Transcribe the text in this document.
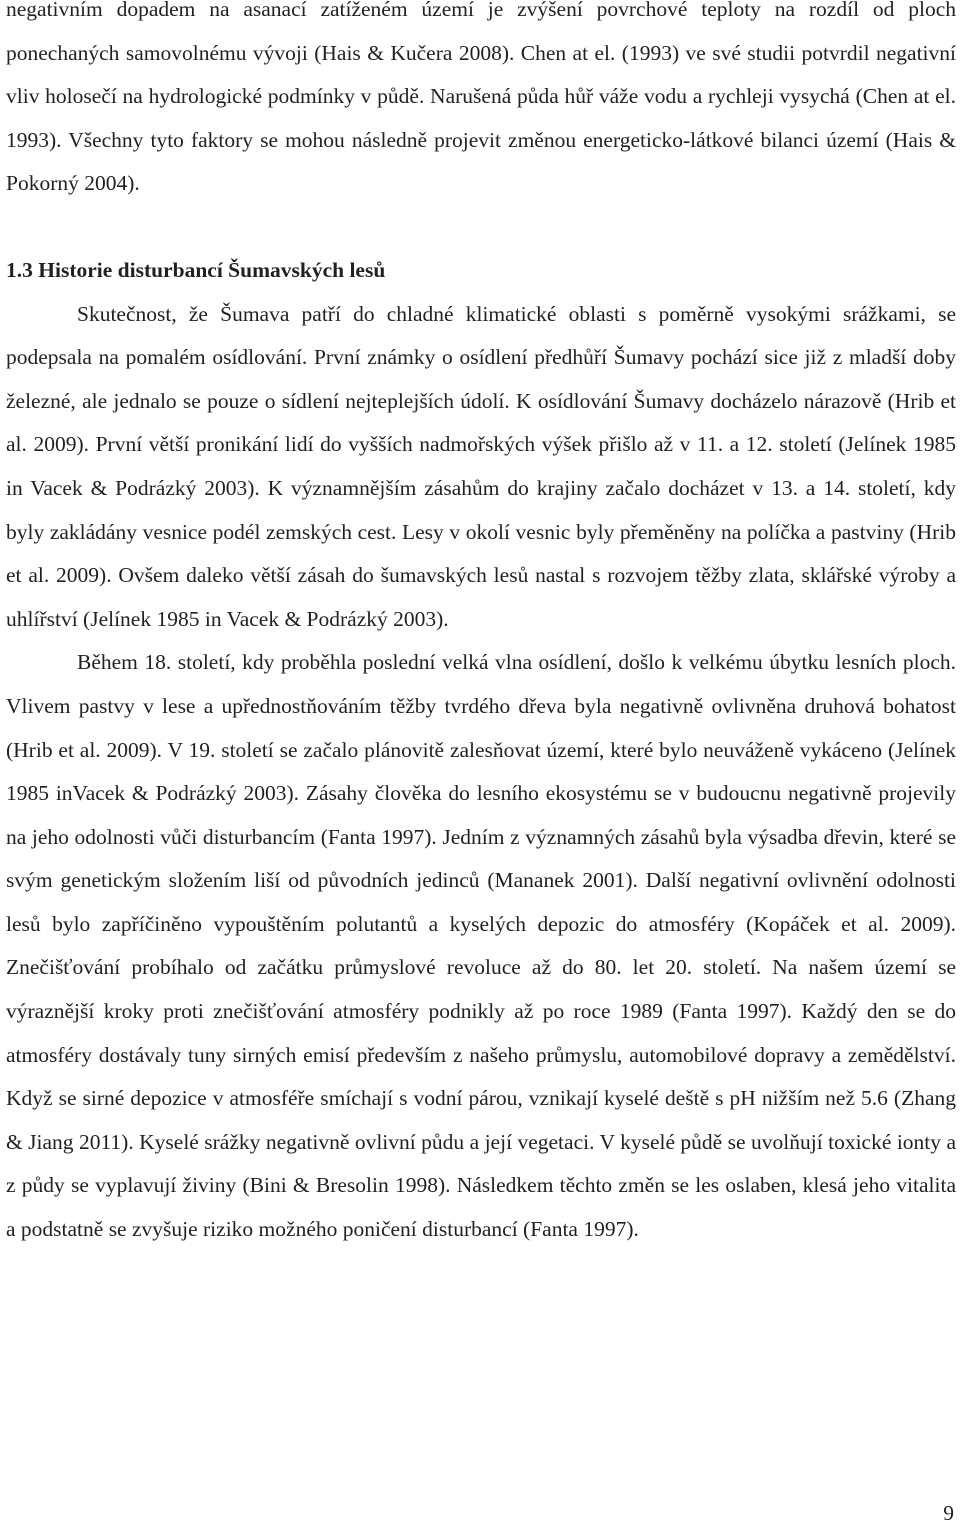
negativním dopadem na asanací zatíženém území je zvýšení povrchové teploty na rozdíl od ploch ponechaných samovolnému vývoji (Hais & Kučera 2008). Chen at el. (1993) ve své studii potvrdil negativní vliv holosečí na hydrologické podmínky v půdě. Narušená půda hůř váže vodu a rychleji vysychá (Chen at el. 1993). Všechny tyto faktory se mohou následně projevit změnou energeticko-látkové bilanci území (Hais & Pokorný 2004).

1.3 Historie disturbancí Šumavských lesů

Skutečnost, že Šumava patří do chladné klimatické oblasti s poměrně vysokými srážkami, se podepsala na pomalém osídlování. První známky o osídlení předhůří Šumavy pochází sice již z mladší doby železné, ale jednalo se pouze o sídlení nejteplejších údolí. K osídlování Šumavy docházelo nárazově (Hrib et al. 2009). První větší pronikání lidí do vyšších nadmořských výšek přišlo až v 11. a 12. století (Jelínek 1985 in Vacek & Podrázký 2003). K významnějším zásahům do krajiny začalo docházet v 13. a 14. století, kdy byly zakládány vesnice podél zemských cest. Lesy v okolí vesnic byly přeměněny na políčka a pastviny (Hrib et al. 2009). Ovšem daleko větší zásah do šumavských lesů nastal s rozvojem těžby zlata, sklářské výroby a uhlířství (Jelínek 1985 in Vacek & Podrázký 2003).

Během 18. století, kdy proběhla poslední velká vlna osídlení, došlo k velkému úbytku lesních ploch. Vlivem pastvy v lese a upřednostňováním těžby tvrdého dřeva byla negativně ovlivněna druhová bohatost (Hrib et al. 2009). V 19. století se začalo plánovitě zalesňovat území, které bylo neuváženě vykáceno (Jelínek 1985 inVacek & Podrázký 2003). Zásahy člověka do lesního ekosystému se v budoucnu negativně projevily na jeho odolnosti vůči disturbancím (Fanta 1997). Jedním z významných zásahů byla výsadba dřevin, které se svým genetickým složením liší od původních jedinců (Mananek 2001). Další negativní ovlivnění odolnosti lesů bylo zapříčiněno vypouštěním polutantů a kyselých depozic do atmosféry (Kopáček et al. 2009). Znečišťování probíhalo od začátku průmyslové revoluce až do 80. let 20. století. Na našem území se výraznější kroky proti znečišťování atmosféry podnikly až po roce 1989 (Fanta 1997). Každý den se do atmosféry dostávaly tuny sirných emisí především z našeho průmyslu, automobilové dopravy a zemědělství. Když se sirné depozice v atmosféře smíchají s vodní párou, vznikají kyselé deště s pH nižším než 5.6 (Zhang & Jiang 2011). Kyselé srážky negativně ovlivní půdu a její vegetaci. V kyselé půdě se uvolňují toxické ionty a z půdy se vyplavují živiny (Bini & Bresolin 1998). Následkem těchto změn se les oslaben, klesá jeho vitalita a podstatně se zvyšuje riziko možného poničení disturbancí (Fanta 1997).

9
